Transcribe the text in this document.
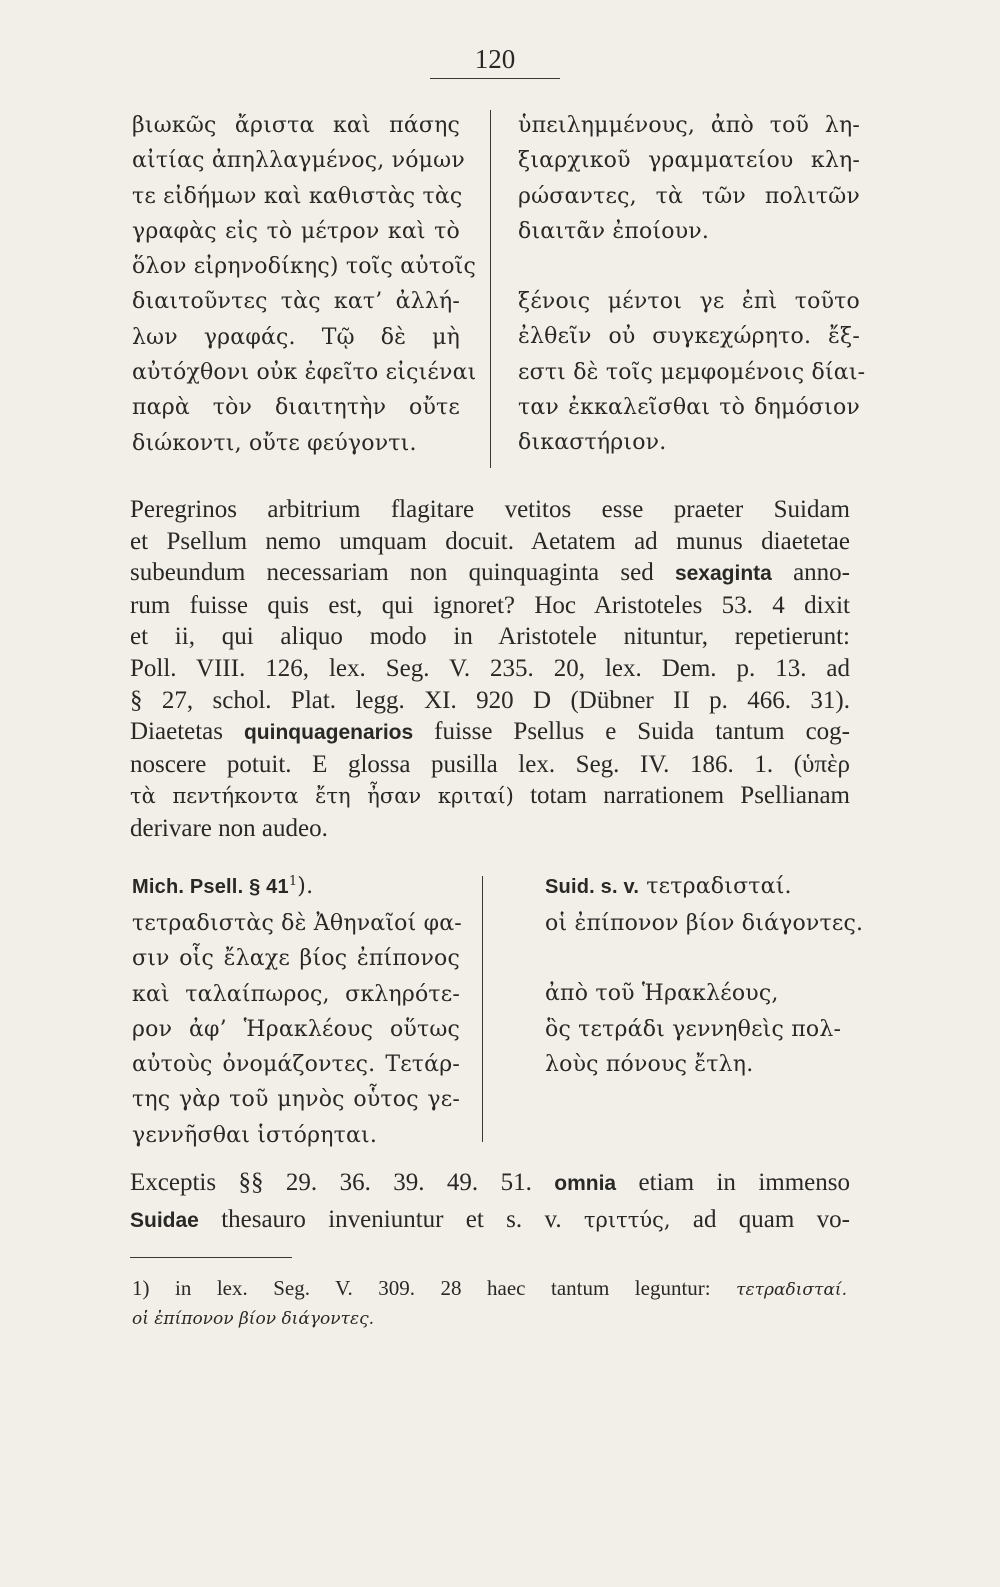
120
βιωκῶς ἄριστα καὶ πάσης
αἰτίας ἀπηλλαγμένος, νόμων
τε εἰδήμων καὶ καθιστὰς τὰς
γραφὰς εἰς τὸ μέτρον καὶ τὸ
ὅλον εἰρηνοδίκης) τοῖς αὐτοῖς
διαιτοῦντες τὰς κατ’ ἀλλή-
λων γραφάς. Τῷ δὲ μὴ
αὐτόχθονι οὐκ ἐφεῖτο εἰςιέναι
παρὰ τὸν διαιτητὴν οὔτε
διώκοντι, οὔτε φεύγοντι.
ὑπειλημμένους, ἀπὸ τοῦ λη-
ξιαρχικοῦ γραμματείου κλη-
ρώσαντες, τὰ τῶν πολιτῶν
διαιτᾶν ἐποίουν.
ξένοις μέντοι γε ἐπὶ τοῦτο
ἐλθεῖν οὐ συγκεχώρητο. ἔξ-
εστι δὲ τοῖς μεμφομένοις δίαι-
ταν ἐκκαλεῖσθαι τὸ δημόσιον
δικαστήριον.
Peregrinos arbitrium flagitare vetitos esse praeter Suidam
et Psellum nemo umquam docuit. Aetatem ad munus diaetetae
subeundum necessariam non quinquaginta sed sexaginta anno-
rum fuisse quis est, qui ignoret? Hoc Aristoteles 53. 4 dixit
et ii, qui aliquo modo in Aristotele nituntur, repetierunt:
Poll. VIII. 126, lex. Seg. V. 235. 20, lex. Dem. p. 13. ad
§ 27, schol. Plat. legg. XI. 920 D (Dübner II p. 466. 31).
Diaetetas quinquagenarios fuisse Psellus e Suida tantum cog-
noscere potuit. E glossa pusilla lex. Seg. IV. 186. 1. (ὑπὲρ
τὰ πεντήκοντα ἔτη ἦσαν κριταί) totam narrationem Psellianam
derivare non audeo.
Mich. Psell. § $41^1$).
τετραδιστὰς δὲ Ἀθηναῖοί φα-
σιν οἷς ἔλαχε βίος ἐπίπονος
καὶ ταλαίπωρος, σκληρότε-
ρον ἀφ’ Ἡρακλέους οὕτως
αὐτοὺς ὀνομάζοντες. Τετάρ-
της γὰρ τοῦ μηνὸς οὗτος γε-
γεννῆσθαι ἱστόρηται.
Suid. s. v. τετραδισταί.
οἱ ἐπίπονον βίον διάγοντες.
ἀπὸ τοῦ Ἡρακλέους,
ὃς τετράδι γεννηθεὶς πολ-
λοὺς πόνους ἔτλη.
Exceptis §§ 29. 36. 39. 49. 51. omnia etiam in immenso
Suidae thesauro inveniuntur et s. v. τριττύς, ad quam vo-
1) in lex. Seg. V. 309. 28 haec tantum leguntur: τετραδισταί.
οἱ ἐπίπονον βίον διάγοντες.
